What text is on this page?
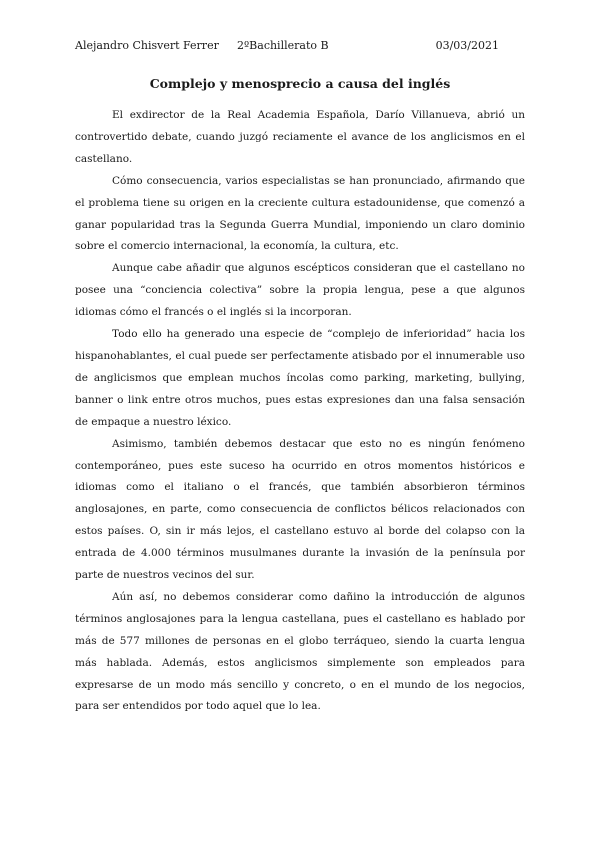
Alejandro Chisvert Ferrer 2ºBachillerato B	03/03/2021
Complejo y menosprecio a causa del inglés

El exdirector de la Real Academia Española, Darío Villanueva, abrió un controvertido debate, cuando juzgó reciamente el avance de los anglicismos en el castellano.

Cómo consecuencia, varios especialistas se han pronunciado, afirmando que el problema tiene su origen en la creciente cultura estadounidense, que comenzó a ganar popularidad tras la Segunda Guerra Mundial, imponiendo un claro dominio sobre el comercio internacional, la economía, la cultura, etc.

Aunque cabe añadir que algunos escépticos consideran que el castellano no posee una “conciencia colectiva” sobre la propia lengua, pese a que algunos idiomas cómo el francés o el inglés si la incorporan.

Todo ello ha generado una especie de “complejo de inferioridad” hacia los hispanohablantes, el cual puede ser perfectamente atisbado por el innumerable uso de anglicismos que emplean muchos íncolas como parking, marketing, bullying, banner o link entre otros muchos, pues estas expresiones dan una falsa sensación de empaque a nuestro léxico.

Asimismo, también debemos destacar que esto no es ningún fenómeno contemporáneo, pues este suceso ha ocurrido en otros momentos históricos e idiomas como el italiano o el francés, que también absorbieron términos anglosajones, en parte, como consecuencia de conflictos bélicos relacionados con estos países. O, sin ir más lejos, el castellano estuvo al borde del colapso con la entrada de 4.000 términos musulmanes durante la invasión de la península por parte de nuestros vecinos del sur.

Aún así, no debemos considerar como dañino la introducción de algunos términos anglosajones para la lengua castellana, pues el castellano es hablado por más de 577 millones de personas en el globo terráqueo, siendo la cuarta lengua más hablada. Además, estos anglicismos simplemente son empleados para expresarse de un modo más sencillo y concreto, o en el mundo de los negocios, para ser entendidos por todo aquel que lo lea.
